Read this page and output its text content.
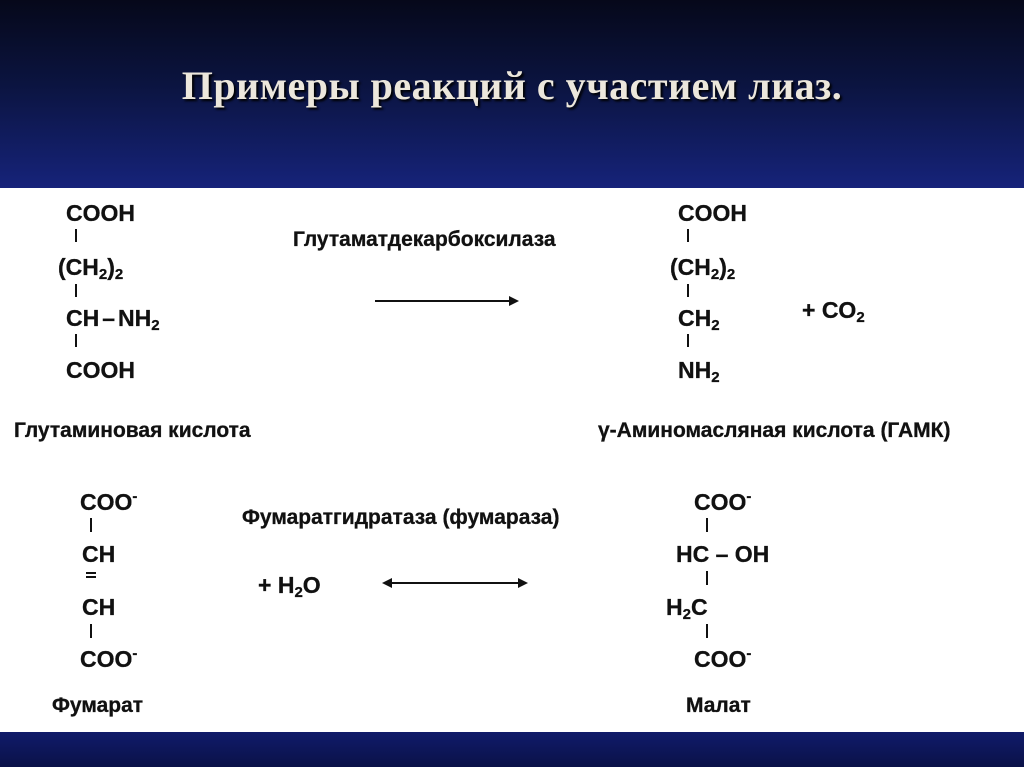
Примеры реакций с участием лиаз.
COOH
$(CH_2)_2$
CH – $NH_2$
COOH
Глутаминовая кислота
Глутаматдекарбоксилаза
COOH
$(CH_2)_2$
$CH_2$
$NH_2$
+ $CO_2$
γ-Аминомасляная кислота (ГАМК)
COO-
CH
CH
COO-
Фумарат
Фумаратгидратаза (фумараза)
+ $H_2O$
COO-
HC – OH
$H_2C$
COO-
Малат
